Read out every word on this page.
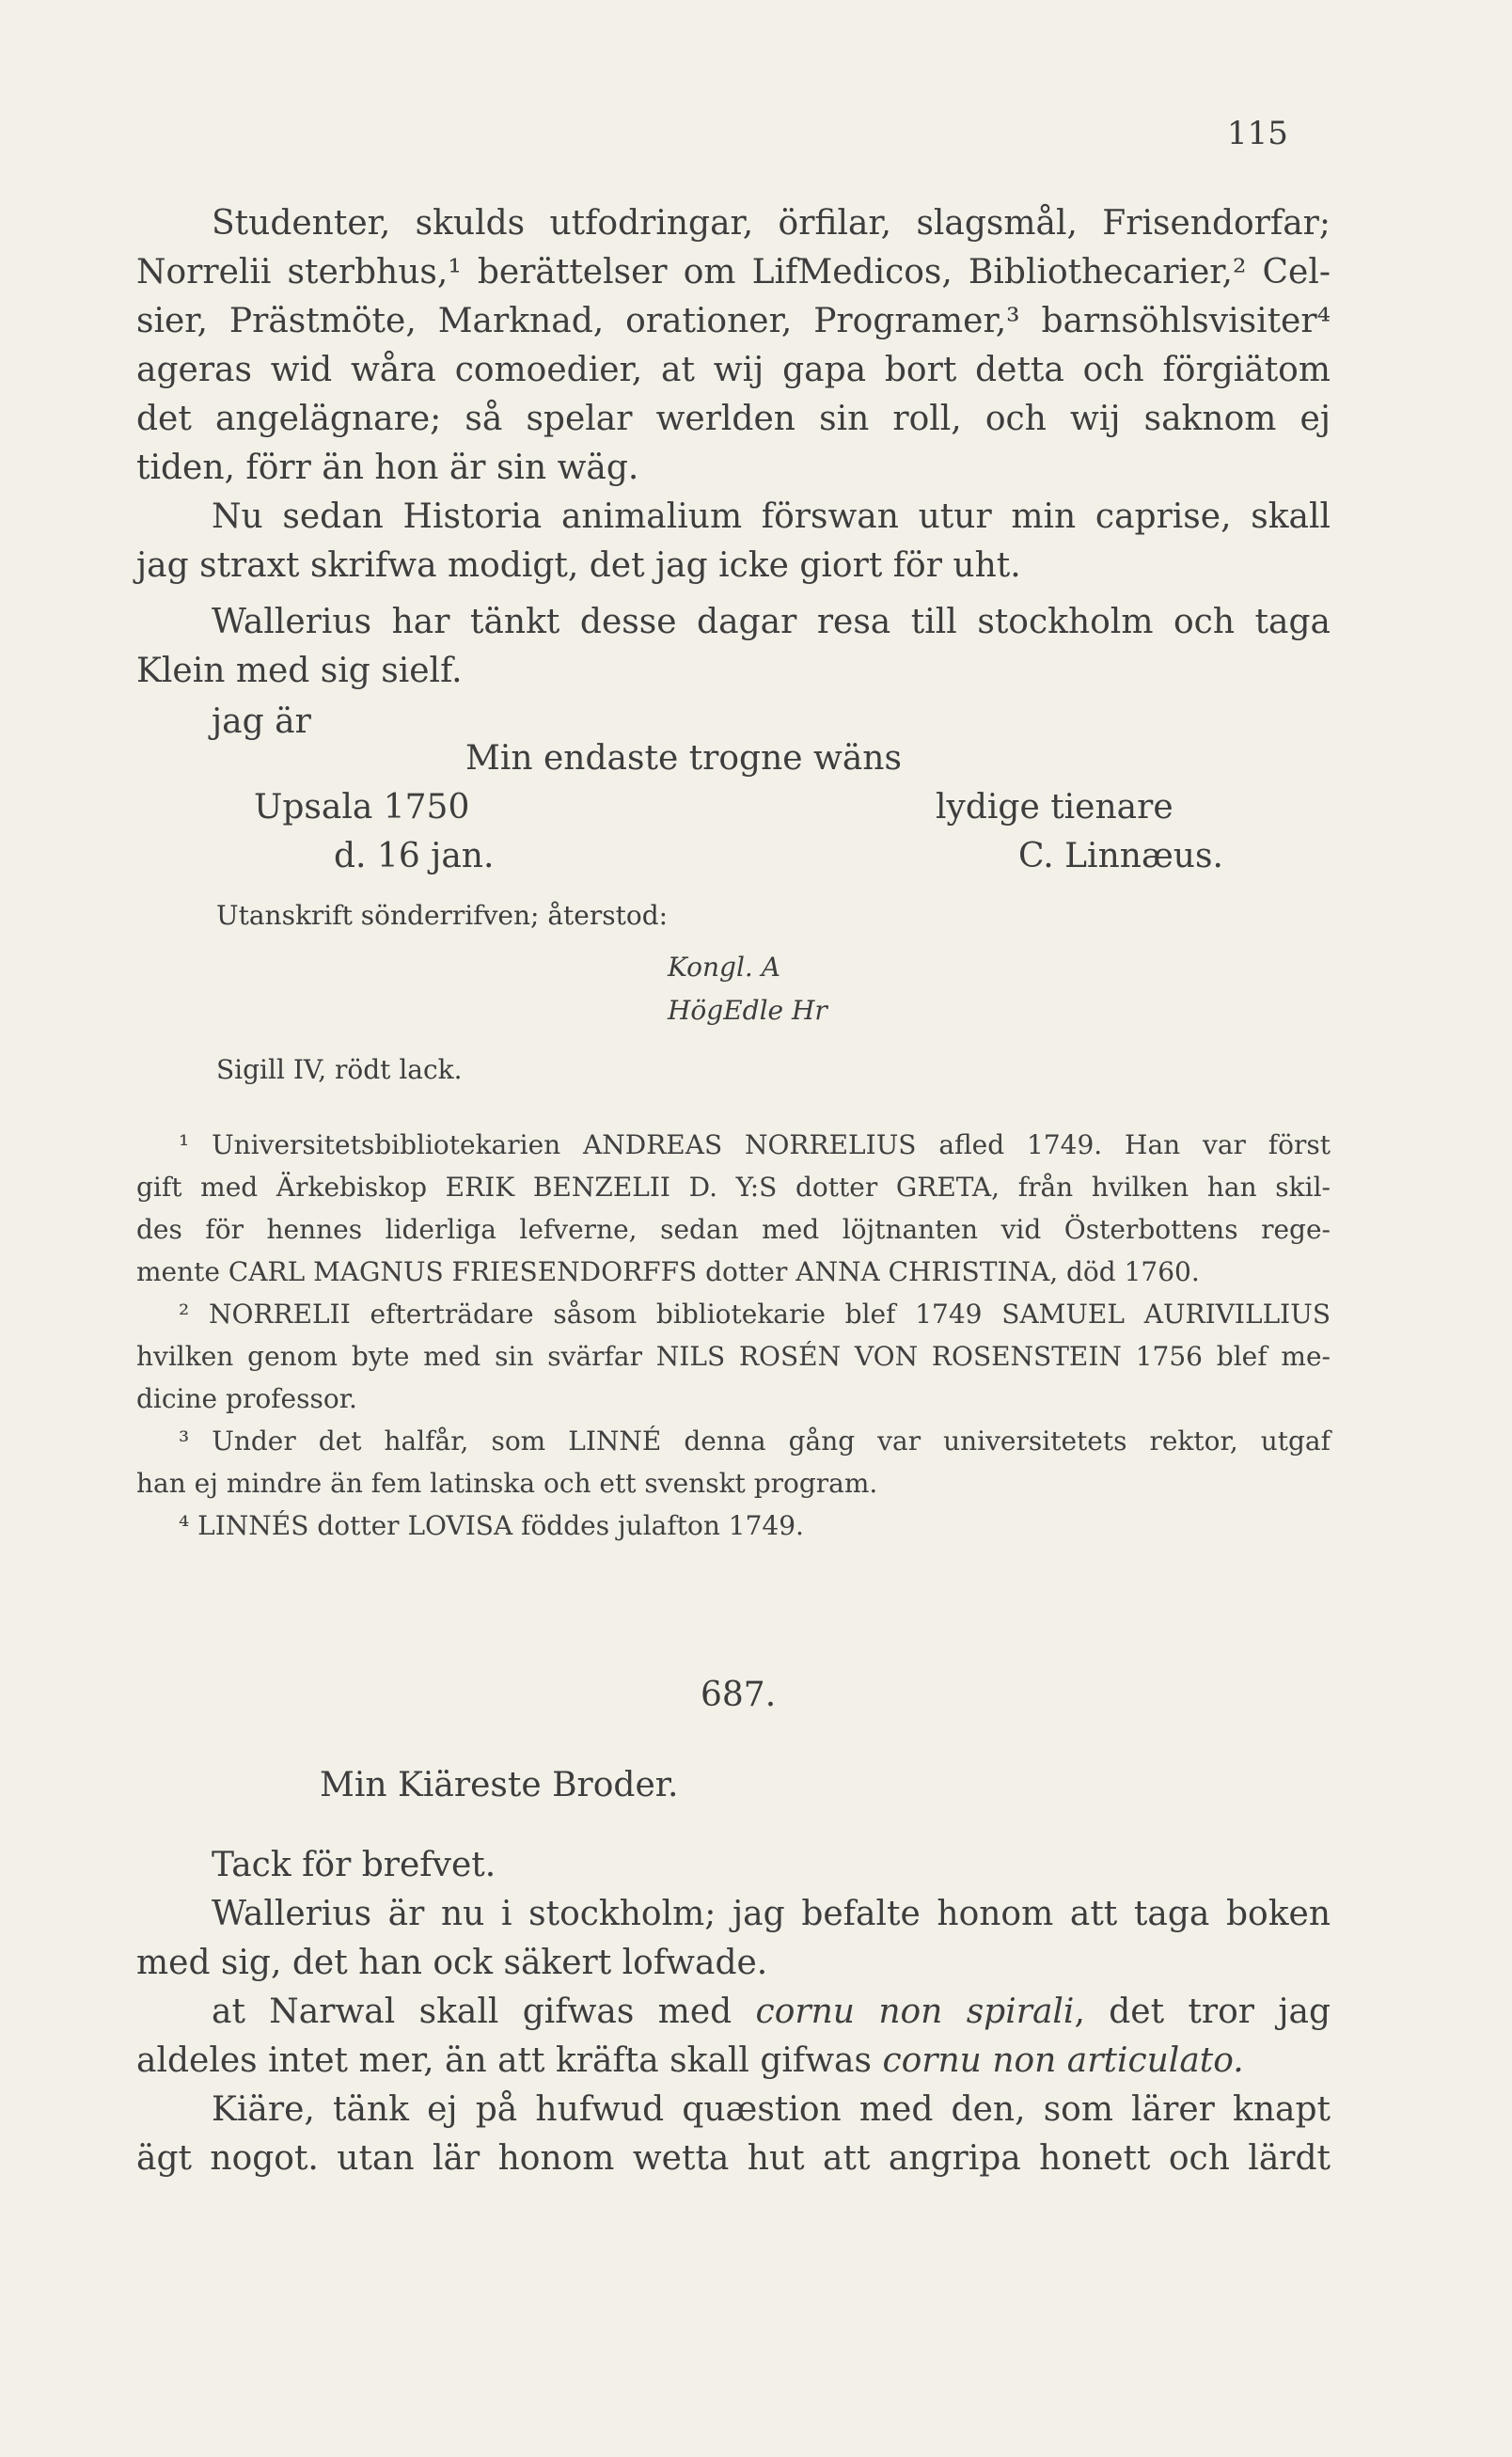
115
Studenter, skulds utfodringar, örfilar, slagsmål, Frisendorfar;
Norrelii sterbhus,¹ berättelser om LifMedicos, Bibliothecarier,² Cel-
sier, Prästmöte, Marknad, orationer, Programer,³ barnsöhlsvisiter⁴
ageras wid wåra comoedier, at wij gapa bort detta och förgiätom
det angelägnare; så spelar werlden sin roll, och wij saknom ej
tiden, förr än hon är sin wäg.
Nu sedan Historia animalium förswan utur min caprise, skall
jag straxt skrifwa modigt, det jag icke giort för uht.
Wallerius har tänkt desse dagar resa till stockholm och taga
Klein med sig sielf.
jag är
Min endaste trogne wäns
Upsala 1750	lydige tienare
d. 16 jan.	C. Linnæus.
Utanskrift sönderrifven; återstod:
Kongl. A
HögEdle Hr
Sigill IV, rödt lack.
¹ Universitetsbibliotekarien ANDREAS NORRELIUS afled 1749. Han var först
gift med Ärkebiskop ERIK BENZELII D. Y:S dotter GRETA, från hvilken han skil-
des för hennes liderliga lefverne, sedan med löjtnanten vid Österbottens rege-
mente CARL MAGNUS FRIESENDORFFS dotter ANNA CHRISTINA, död 1760.
² NORRELII efterträdare såsom bibliotekarie blef 1749 SAMUEL AURIVILLIUS
hvilken genom byte med sin svärfar NILS ROSÉN VON ROSENSTEIN 1756 blef me-
dicine professor.
³ Under det halfår, som LINNÉ denna gång var universitetets rektor, utgaf
han ej mindre än fem latinska och ett svenskt program.
⁴ LINNÉS dotter LOVISA föddes julafton 1749.
687.
Min Kiäreste Broder.
Tack för brefvet.
Wallerius är nu i stockholm; jag befalte honom att taga boken
med sig, det han ock säkert lofwade.
at Narwal skall gifwas med cornu non spirali, det tror jag
aldeles intet mer, än att kräfta skall gifwas cornu non articulato.
Kiäre, tänk ej på hufwud quæstion med den, som lärer knapt
ägt nogot. utan lär honom wetta hut att angripa honett och lärdt
